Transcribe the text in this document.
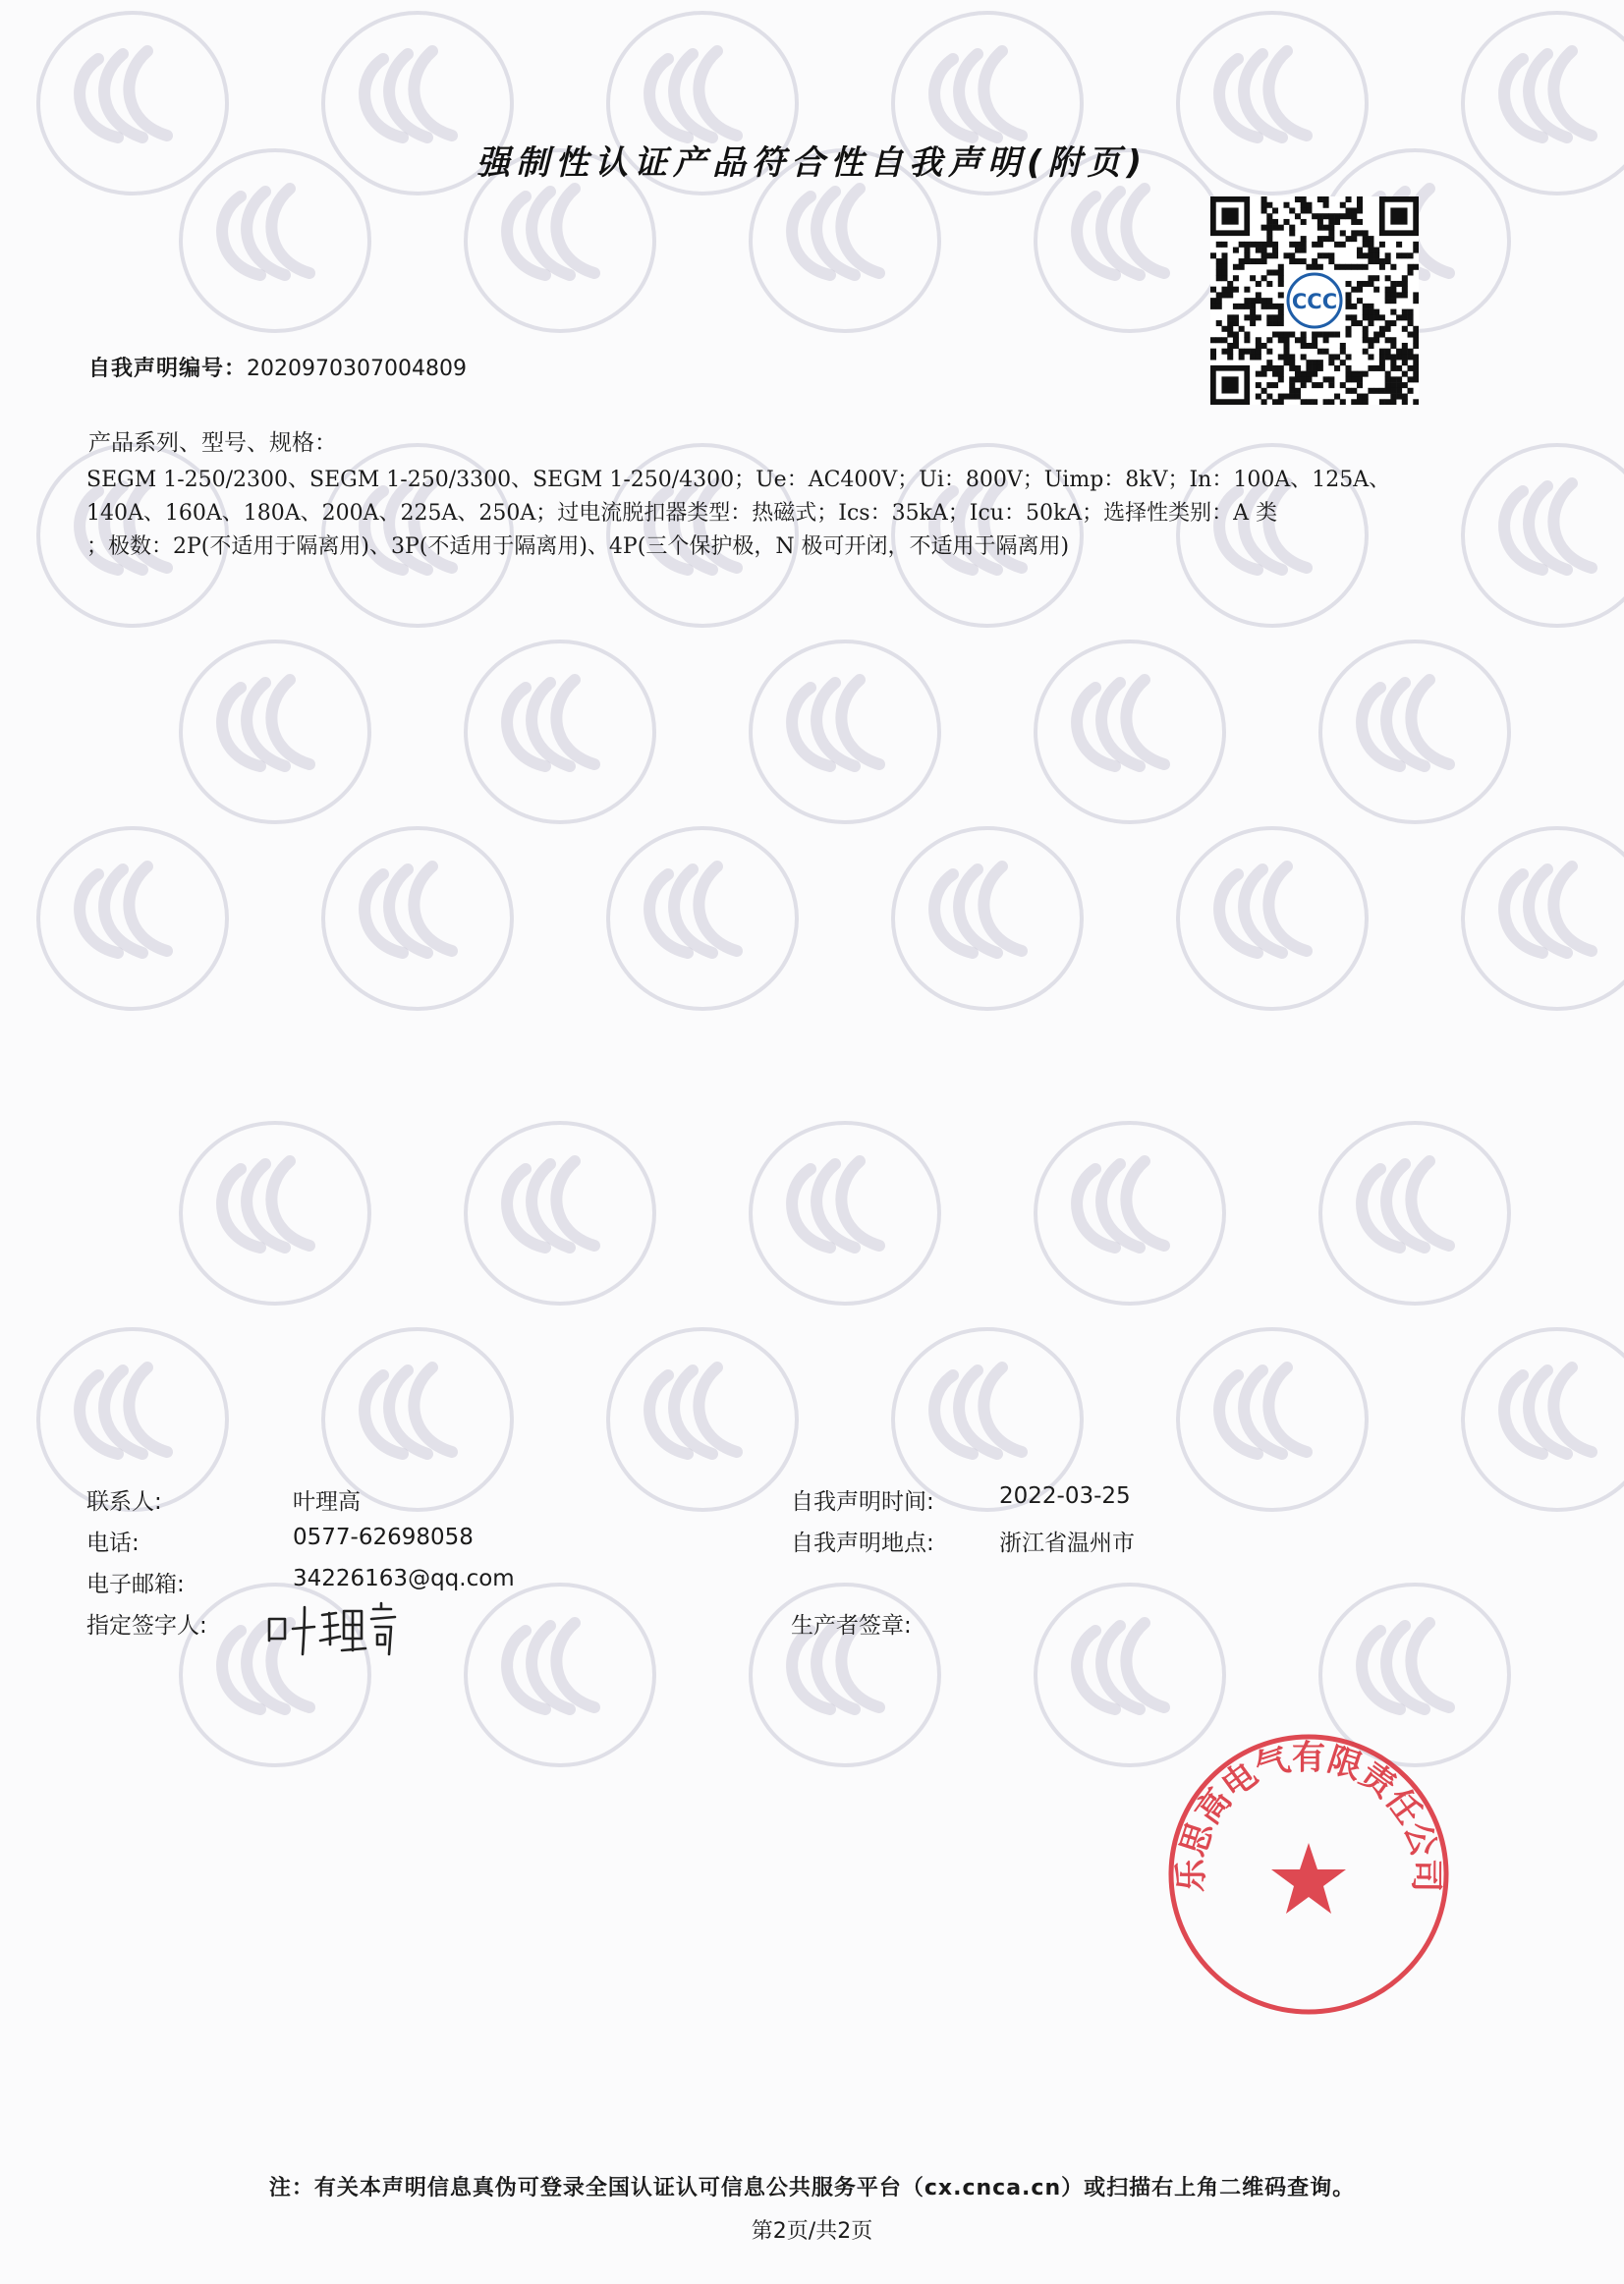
强制性认证产品符合性自我声明(附页)
CCC
自我声明编号：2020970307004809
产品系列、型号、规格：
SEGM 1-250/2300、SEGM 1-250/3300、SEGM 1-250/4300；Ue：AC400V；Ui：800V；Uimp：8kV；In：100A、125A、
140A、160A、180A、200A、225A、250A；过电流脱扣器类型：热磁式；Ics：35kA；Icu：50kA；选择性类别：A 类
；极数：2P(不适用于隔离用)、3P(不适用于隔离用)、4P(三个保护极，N 极可开闭，不适用于隔离用)
联系人:	叶理高
电话:	0577-62698058
电子邮箱:	34226163@qq.com
指定签字人:
自我声明时间:	2022-03-25
自我声明地点:	浙江省温州市
生产者签章:
乐思高电气有限责任公司
注：有关本声明信息真伪可登录全国认证认可信息公共服务平台（cx.cnca.cn）或扫描右上角二维码查询。
第2页/共2页
